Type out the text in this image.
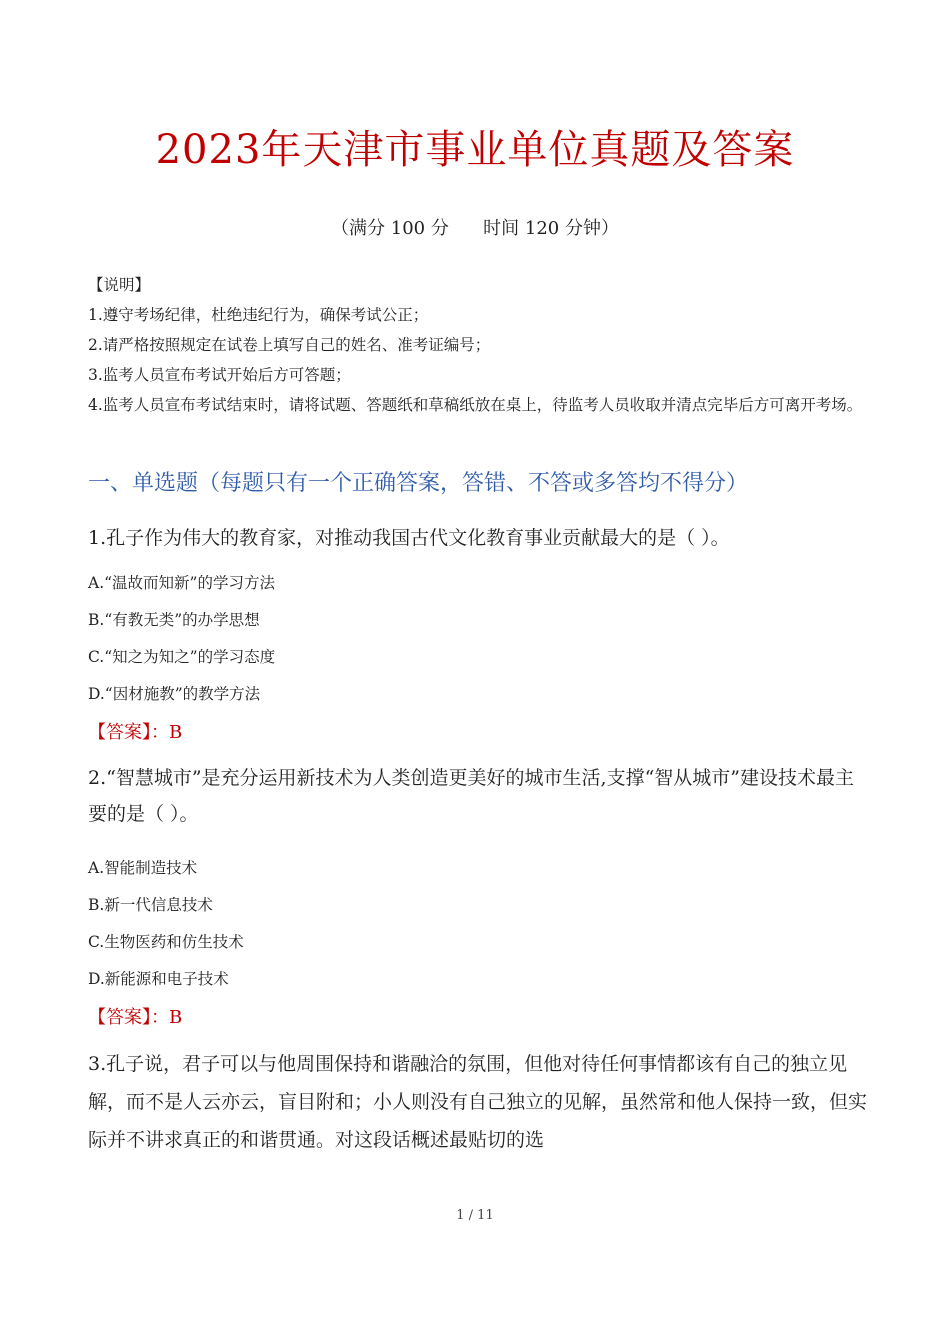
2023年天津市事业单位真题及答案
（满分 100 分      时间 120 分钟）
【说明】
1.遵守考场纪律，杜绝违纪行为，确保考试公正；
2.请严格按照规定在试卷上填写自己的姓名、准考证编号；
3.监考人员宣布考试开始后方可答题；
4.监考人员宣布考试结束时，请将试题、答题纸和草稿纸放在桌上，待监考人员收取并清点完毕后方可离开考场。
一、单选题（每题只有一个正确答案，答错、不答或多答均不得分）
1.孔子作为伟大的教育家，对推动我国古代文化教育事业贡献最大的是（ ）。
A.“温故而知新”的学习方法
B.“有教无类”的办学思想
C.“知之为知之”的学习态度
D.“因材施教”的教学方法
【答案】：B
2.“智慧城市”是充分运用新技术为人类创造更美好的城市生活,支撑“智从城市”建设技术最主要的是（ ）。
A.智能制造技术
B.新一代信息技术
C.生物医药和仿生技术
D.新能源和电子技术
【答案】：B
3.孔子说，君子可以与他周围保持和谐融洽的氛围，但他对待任何事情都该有自己的独立见解，而不是人云亦云，盲目附和；小人则没有自己独立的见解，虽然常和他人保持一致，但实际并不讲求真正的和谐贯通。对这段话概述最贴切的选
1 / 11
